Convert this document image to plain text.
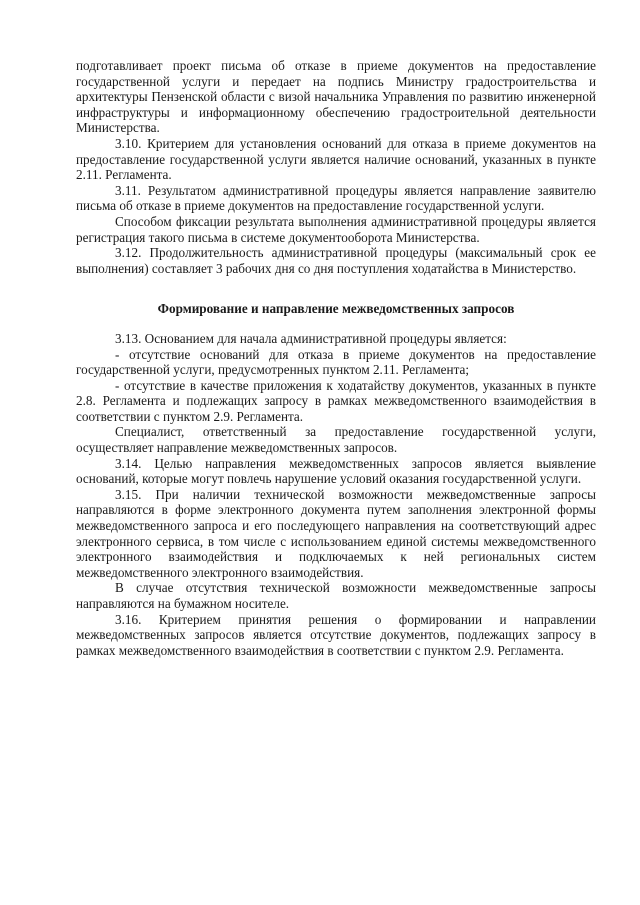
подготавливает проект письма об отказе в приеме документов на предоставление государственной услуги и передает на подпись Министру градостроительства и архитектуры Пензенской области с визой начальника Управления по развитию инженерной инфраструктуры и информационному обеспечению градостроительной деятельности Министерства.

3.10. Критерием для установления оснований для отказа в приеме документов на предоставление государственной услуги является наличие оснований, указанных в пункте 2.11. Регламента.

3.11. Результатом административной процедуры является направление заявителю письма об отказе в приеме документов на предоставление государственной услуги.

Способом фиксации результата выполнения административной процедуры является регистрация такого письма в системе документооборота Министерства.

3.12. Продолжительность административной процедуры (максимальный срок ее выполнения) составляет 3 рабочих дня со дня поступления ходатайства в Министерство.

Формирование и направление межведомственных запросов

3.13. Основанием для начала административной процедуры является:

- отсутствие оснований для отказа в приеме документов на предоставление государственной услуги, предусмотренных пунктом 2.11. Регламента;

- отсутствие в качестве приложения к ходатайству документов, указанных в пункте 2.8. Регламента и подлежащих запросу в рамках межведомственного взаимодействия в соответствии с пунктом 2.9. Регламента.

Специалист, ответственный за предоставление государственной услуги, осуществляет направление межведомственных запросов.

3.14. Целью направления межведомственных запросов является выявление оснований, которые могут повлечь нарушение условий оказания государственной услуги.

3.15. При наличии технической возможности межведомственные запросы направляются в форме электронного документа путем заполнения электронной формы межведомственного запроса и его последующего направления на соответствующий адрес электронного сервиса, в том числе с использованием единой системы межведомственного электронного взаимодействия и подключаемых к ней региональных систем межведомственного электронного взаимодействия.

В случае отсутствия технической возможности межведомственные запросы направляются на бумажном носителе.

3.16. Критерием принятия решения о формировании и направлении межведомственных запросов является отсутствие документов, подлежащих запросу в рамках межведомственного взаимодействия в соответствии с пунктом 2.9. Регламента.
